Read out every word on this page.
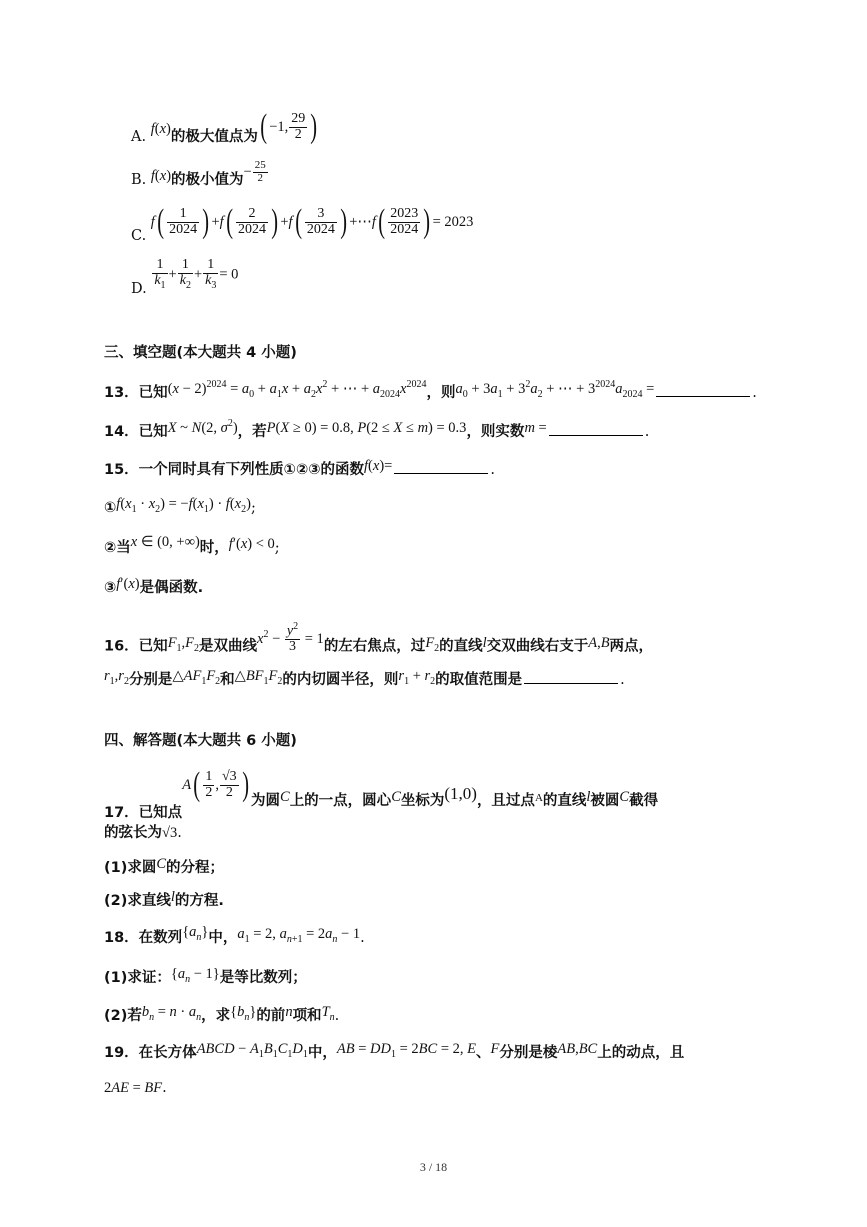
A. f(x)的极大值点为( −1, $\frac{29}{2}$ )
B. f(x)的极小值为− $\frac{25}{2}$
C. $f( \frac{1}{2024}$ ) $+f( \frac{2}{2024}$ ) $+f( \frac{3}{2024}$ ) +⋯f( $\frac{2023}{2024}$ ) = 2023
D. $\frac{1}{k_1} + \frac{1}{k_2} + \frac{1}{k_3} = 0$
三、填空题(本大题共 4 小题)
13．已知$(x - 2)^{2024} = a_0 + a_1x + a_2x^2$ + ⋯ + $a_{2024}x^{2024}$，则$a_0 + 3a_1 + 3^2a_2$ + ⋯ + $3^{2024}a_{2024}$ =	.
14．已知X ~ N(2, $\sigma^2$)，若P(X ≥ 0) = 0.8, P(2 ≤ X ≤ m) = 0.3，则实数m =	.
15．一个同时具有下列性质①②③的函数f(x)=	.
$①f(x_1 \cdot x_2) = -f(x_1) \cdot f(x_2)$;
②当x ∈ (0, +∞)时，f′(x) < 0;
③f′(x)是偶函数.
16．已知$F_1,F_2$是双曲线$x^2 - \frac{y^2}{3} = 1$的左右焦点，过$F_2$的直线l交双曲线右支于A,B两点，
$r_1,r_2$分别是$\triangle AF_1F_2$和$\triangle BF_1F_2$的内切圆半径，则$r_1 + r_2$的取值范围是	.
四、解答题(本大题共 6 小题)
17．已知点$A( \frac{1}{2}$ , $\frac{√3}{2}$ ) 为圆C上的一点，圆心C坐标为(1,0)，且过点$_A$的直线l被圆C截得
的弦长为√3.
(1)求圆C的分程；
(2)求直线l的方程.
18．在数列$\{a_n\}$中，$a_1 = 2$, $a_{n+1} = 2a_n - 1$.
(1)求证：$\{a_n - 1\}$是等比数列；
(2)若$b_n = n \cdot a_n$，求$\{b_n\}$的前n项和$T_n$.
19．在长方体ABCD − $A_1B_1C_1D_1$中，AB = $DD_1 = 2BC = 2$, E、F分别是棱AB,BC上的动点，且
2AE = BF.
3 / 18
